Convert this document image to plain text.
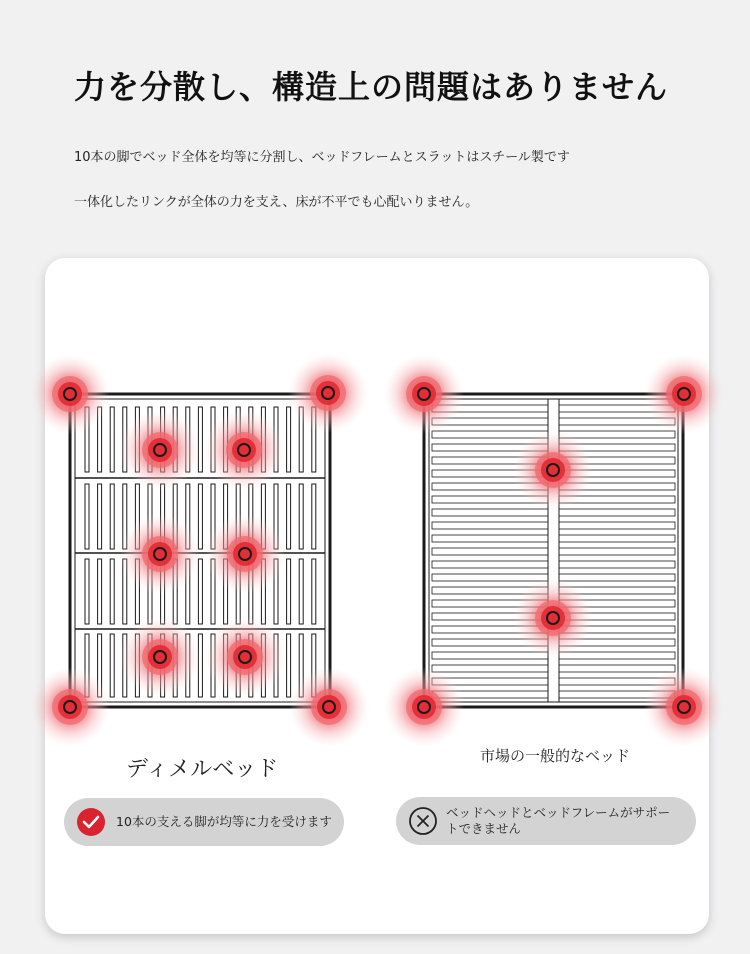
力を分散し、構造上の問題はありません

10本の脚でベッド全体を均等に分割し、ベッドフレームとスラットはスチール製です

一体化したリンクが全体の力を支え、床が不平でも心配いりません。

ディメルベッド
市場の一般的なベッド
10本の支える脚が均等に力を受けます
ベッドヘッドとベッドフレームがサポートできません
